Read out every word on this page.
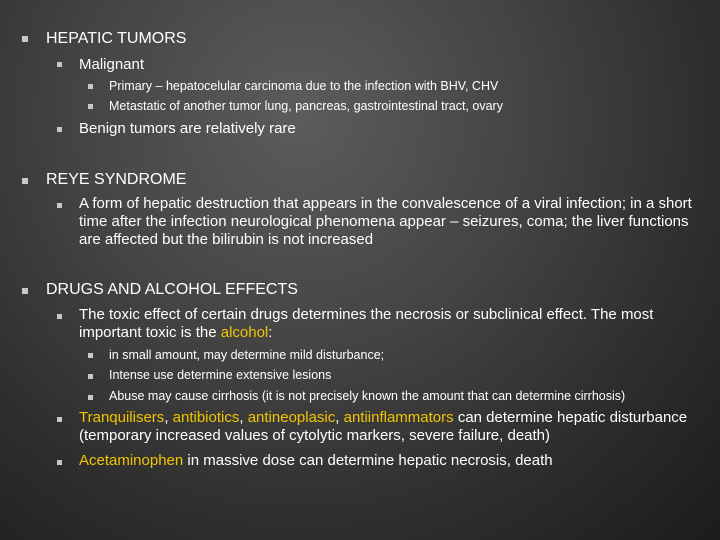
HEPATIC TUMORS
Malignant
Primary – hepatocelular carcinoma due to the infection with BHV, CHV
Metastatic of another tumor lung, pancreas, gastrointestinal tract, ovary
Benign tumors are relatively rare
REYE SYNDROME
A form of hepatic destruction that appears in the convalescence of a viral infection; in a short time after the infection neurological phenomena appear – seizures, coma; the liver functions are affected but the bilirubin is not increased
DRUGS AND ALCOHOL EFFECTS
The toxic effect of certain drugs determines the necrosis or subclinical effect. The most important toxic is the alcohol:
in small amount, may determine mild disturbance;
Intense use determine extensive lesions
Abuse may cause cirrhosis (it is not precisely known the amount that can determine cirrhosis)
Tranquilisers, antibiotics, antineoplasic, antiinflammators can determine hepatic disturbance (temporary increased values of cytolytic markers, severe failure, death)
Acetaminophen in massive dose can determine hepatic necrosis, death
